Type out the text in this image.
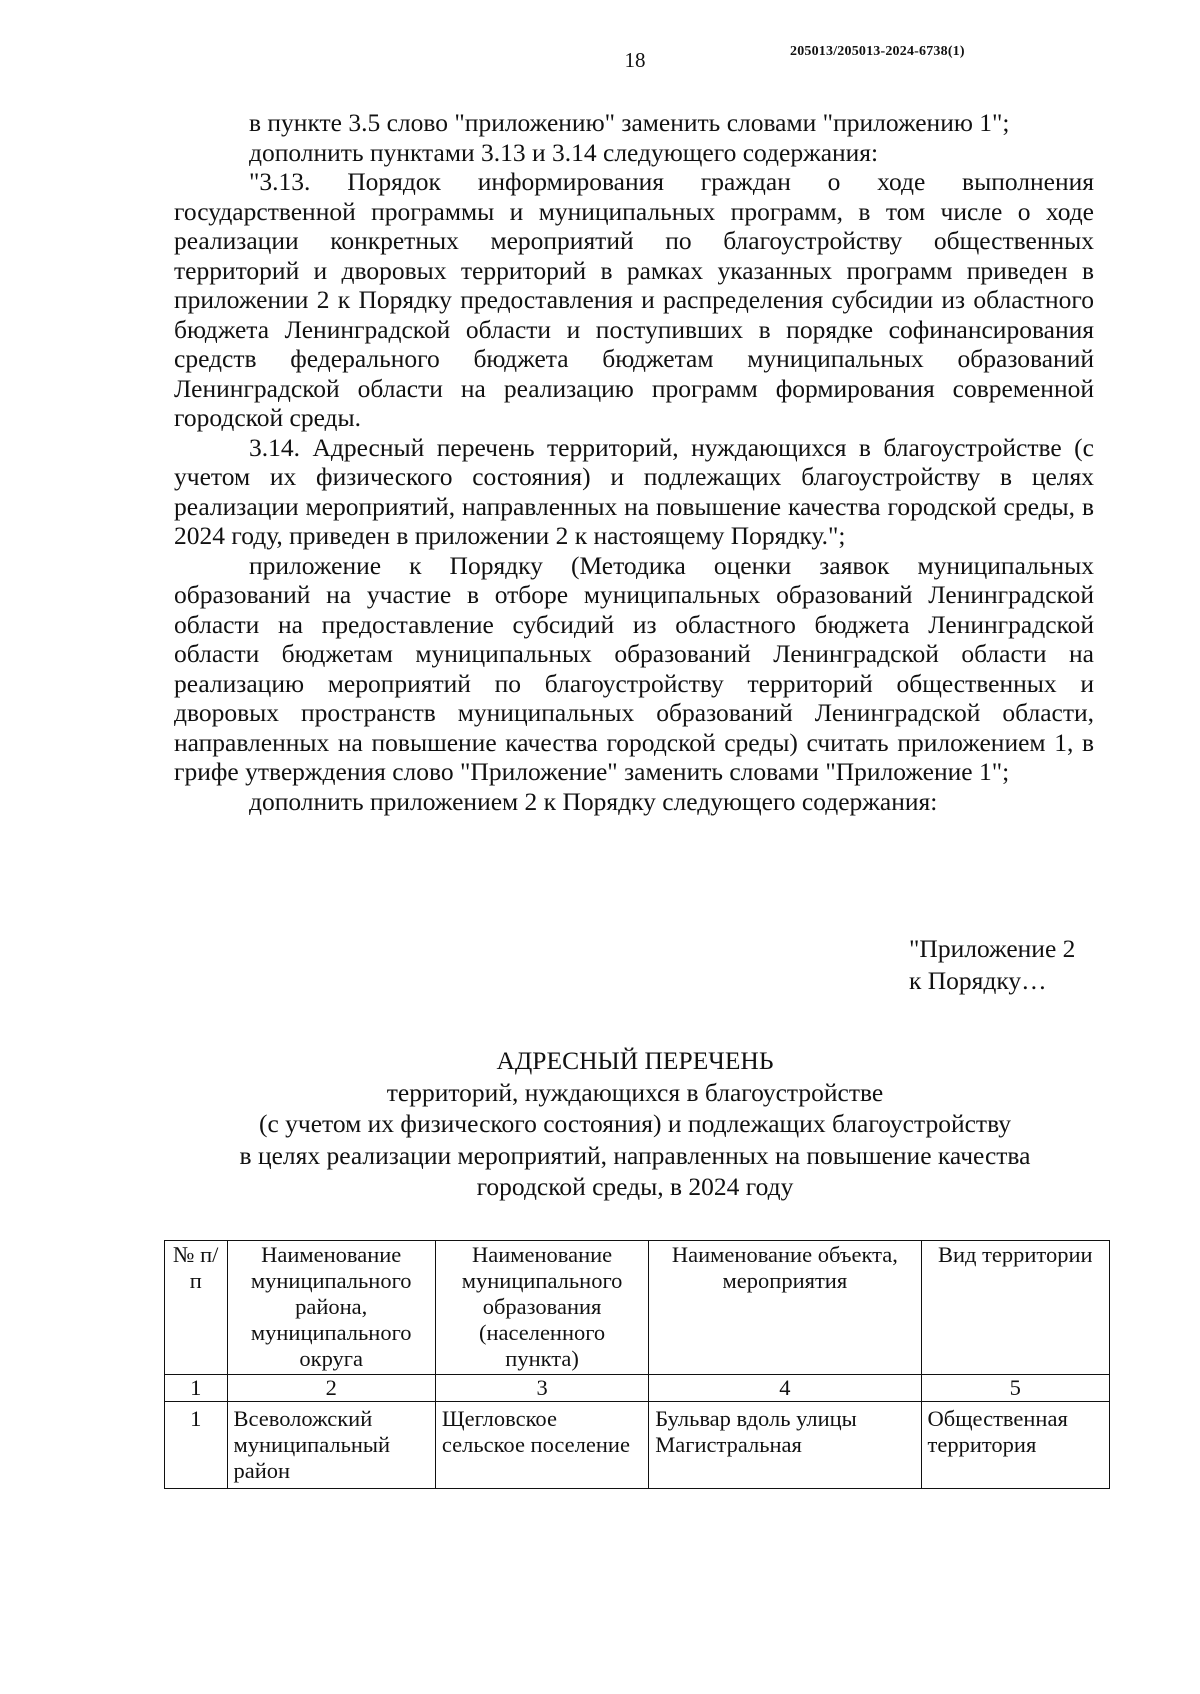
18	205013/205013-2024-6738(1)

в пункте 3.5 слово "приложению" заменить словами "приложению 1";

дополнить пунктами 3.13 и 3.14 следующего содержания:

"3.13. Порядок информирования граждан о ходе выполнения государственной программы и муниципальных программ, в том числе о ходе реализации конкретных мероприятий по благоустройству общественных территорий и дворовых территорий в рамках указанных программ приведен в приложении 2 к Порядку предоставления и распределения субсидии из областного бюджета Ленинградской области и поступивших в порядке софинансирования средств федерального бюджета бюджетам муниципальных образований Ленинградской области на реализацию программ формирования современной городской среды.

3.14. Адресный перечень территорий, нуждающихся в благоустройстве (с учетом их физического состояния) и подлежащих благоустройству в целях реализации мероприятий, направленных на повышение качества городской среды, в 2024 году, приведен в приложении 2 к настоящему Порядку.";

приложение к Порядку (Методика оценки заявок муниципальных образований на участие в отборе муниципальных образований Ленинградской области на предоставление субсидий из областного бюджета Ленинградской области бюджетам муниципальных образований Ленинградской области на реализацию мероприятий по благоустройству территорий общественных и дворовых пространств муниципальных образований Ленинградской области, направленных на повышение качества городской среды) считать приложением 1, в грифе утверждения слово "Приложение" заменить словами "Приложение 1";

дополнить приложением 2 к Порядку следующего содержания:

"Приложение 2
к Порядку…
АДРЕСНЫЙ ПЕРЕЧЕНЬ
территорий, нуждающихся в благоустройстве
(с учетом их физического состояния) и подлежащих благоустройству
в целях реализации мероприятий, направленных на повышение качества
городской среды, в 2024 году
№ п/п	Наименование муниципального района, муниципального округа	Наименование муниципального образования (населенного пункта)	Наименование объекта, мероприятия	Вид территории
1	2	3	4	5
1	Всеволожский муниципальный район	Щегловское сельское поселение	Бульвар вдоль улицы Магистральная	Общественная территория
